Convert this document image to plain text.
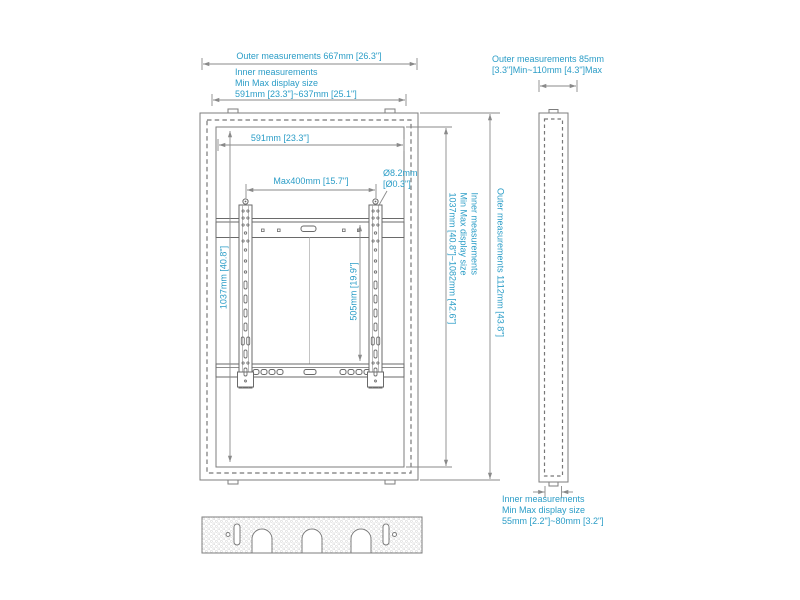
Outer measurements 667mm [26.3"]
Inner measurements
Min Max display size
591mm [23.3"]~637mm [25.1"]
591mm [23.3"]
Max400mm [15.7"]
Ø8.2mm
[Ø0.3"]
1037mm [40.8"]	505mm [19.9"]
Inner measurements
Min Max display size
1037mm [40.8"]~1082mm [42.6"]	Outer measurements 1112mm [43.8"]
Outer measurements 85mm
[3.3"]Min~110mm [4.3"]Max
Inner measurements
Min Max display size
55mm [2.2"]~80mm [3.2"]
